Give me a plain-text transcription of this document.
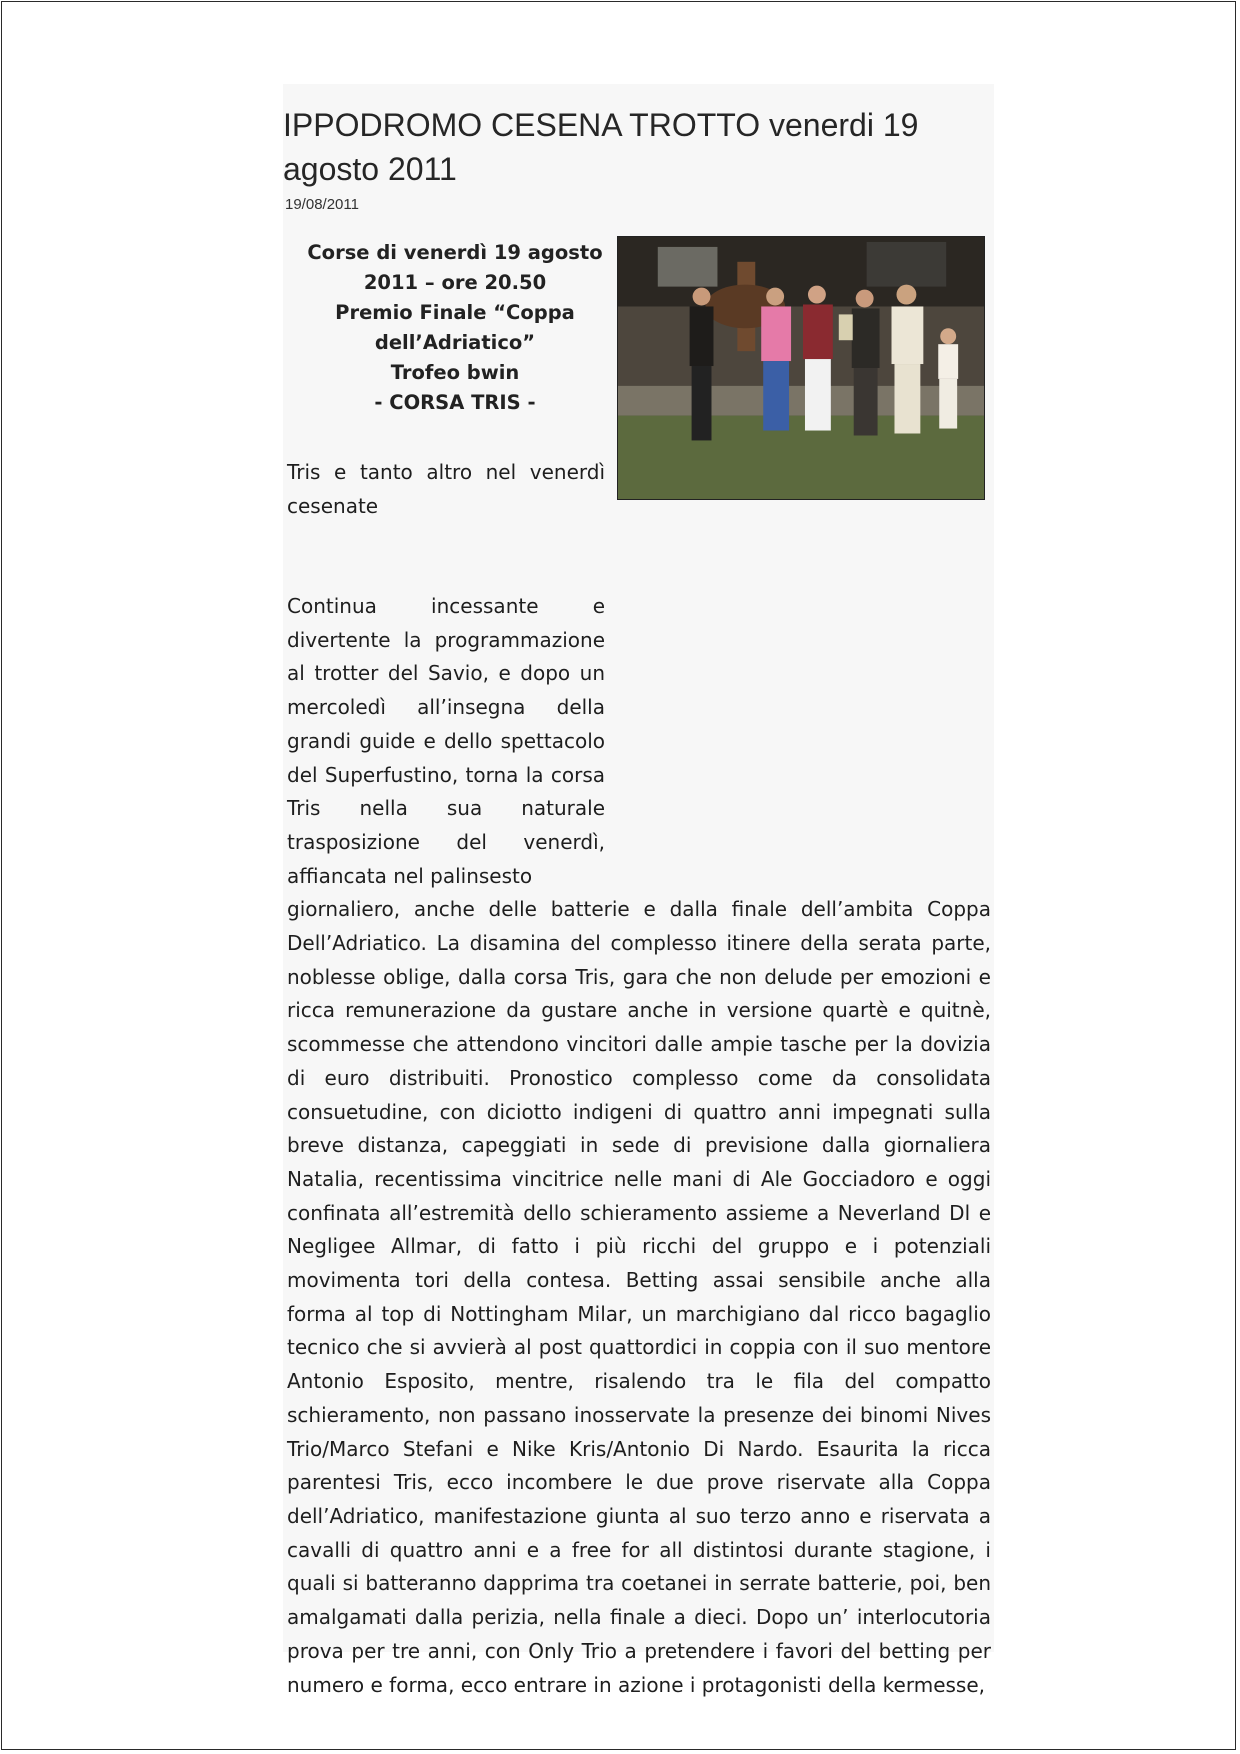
IPPODROMO CESENA TROTTO venerdi 19 agosto 2011
19/08/2011
Corse di venerdì 19 agosto
2011 – ore 20.50
Premio Finale “Coppa
dell’Adriatico”
Trofeo bwin
- CORSA TRIS -
Tris e tanto altro nel venerdì cesenate
Continua incessante e divertente la programmazione al trotter del Savio, e dopo un mercoledì all’insegna della grandi guide e dello spettacolo del Superfustino, torna la corsa Tris nella sua naturale trasposizione del venerdì, affiancata nel palinsesto
giornaliero, anche delle batterie e dalla finale dell’ambita Coppa Dell’Adriatico. La disamina del complesso itinere della serata parte, noblesse oblige, dalla corsa Tris, gara che non delude per emozioni e ricca remunerazione da gustare anche in versione quartè e quitnè, scommesse che attendono vincitori dalle ampie tasche per la dovizia di euro distribuiti. Pronostico complesso come da consolidata consuetudine, con diciotto indigeni di quattro anni impegnati sulla breve distanza, capeggiati in sede di previsione dalla giornaliera Natalia, recentissima vincitrice nelle mani di Ale Gocciadoro e oggi confinata all’estremità dello schieramento assieme a Neverland Dl e Negligee Allmar, di fatto i più ricchi del gruppo e i potenziali movimenta tori della contesa. Betting assai sensibile anche alla forma al top di Nottingham Milar, un marchigiano dal ricco bagaglio tecnico che si avvierà al post quattordici in coppia con il suo mentore Antonio Esposito, mentre, risalendo tra le fila del compatto schieramento, non passano inosservate la presenze dei binomi Nives Trio/Marco Stefani e Nike Kris/Antonio Di Nardo. Esaurita la ricca parentesi Tris, ecco incombere le due prove riservate alla Coppa dell’Adriatico, manifestazione giunta al suo terzo anno e riservata a cavalli di quattro anni e a free for all distintosi durante stagione, i quali si batteranno dapprima tra coetanei in serrate batterie, poi, ben amalgamati dalla perizia, nella finale a dieci. Dopo un’ interlocutoria prova per tre anni, con Only Trio a pretendere i favori del betting per numero e forma, ecco entrare in azione i protagonisti della kermesse,
